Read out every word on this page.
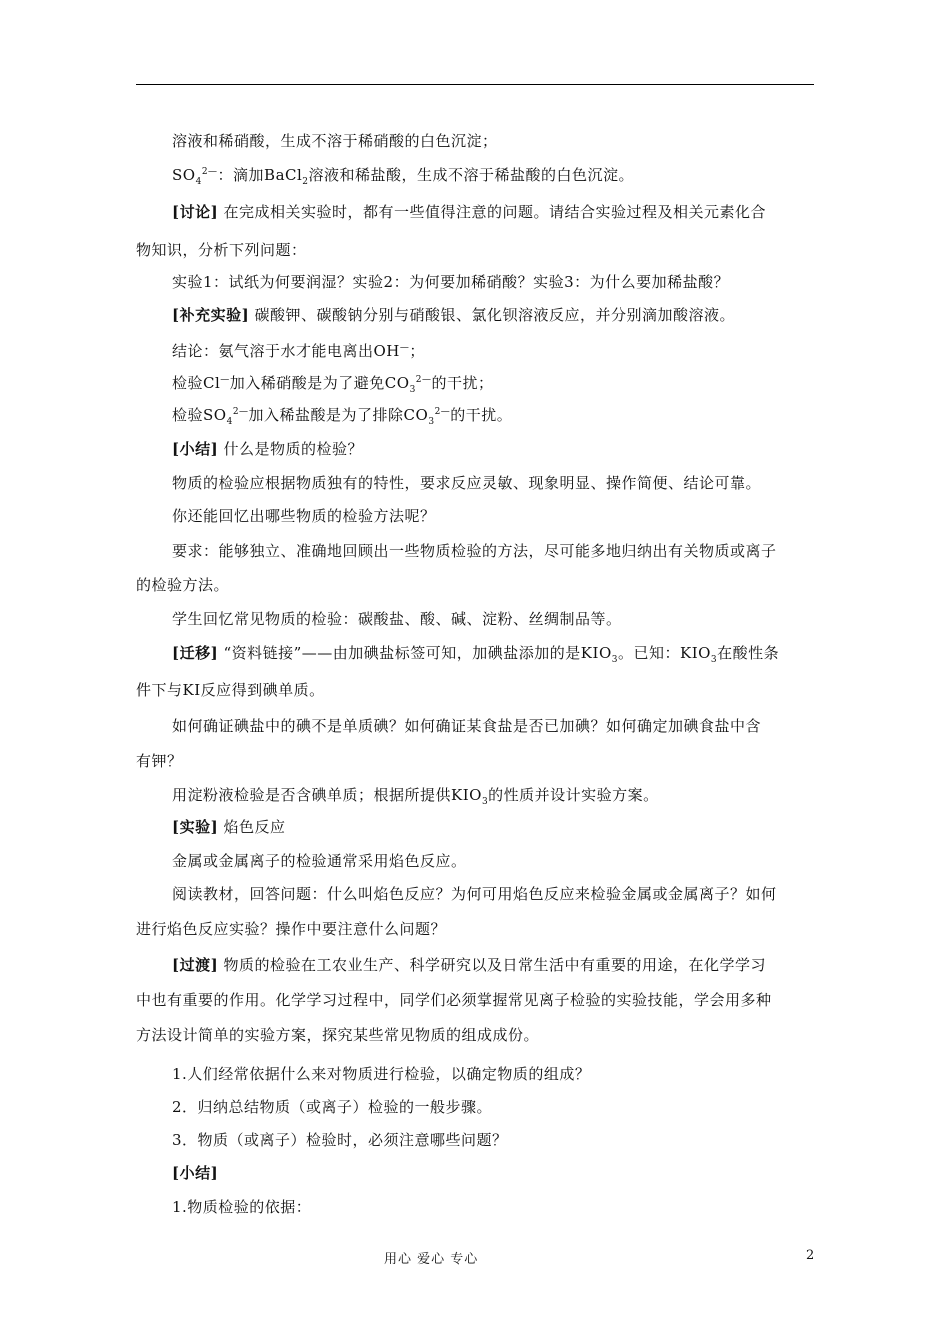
溶液和稀硝酸，生成不溶于稀硝酸的白色沉淀；
$SO_4^{2—}$：滴加BaCl$_2$溶液和稀盐酸，生成不溶于稀盐酸的白色沉淀。
[讨论] 在完成相关实验时，都有一些值得注意的问题。请结合实验过程及相关元素化合
物知识，分析下列问题：
实验1：试纸为何要润湿？实验2：为何要加稀硝酸？实验3：为什么要加稀盐酸？
[补充实验] 碳酸钾、碳酸钠分别与硝酸银、氯化钡溶液反应，并分别滴加酸溶液。
结论：氨气溶于水才能电离出OH—；
检验Cl—加入稀硝酸是为了避免$CO_3^{2—}$的干扰；
检验$SO_4^{2—}$加入稀盐酸是为了排除$CO_3^{2—}$的干扰。
[小结] 什么是物质的检验？
物质的检验应根据物质独有的特性，要求反应灵敏、现象明显、操作简便、结论可靠。
你还能回忆出哪些物质的检验方法呢？
要求：能够独立、准确地回顾出一些物质检验的方法，尽可能多地归纳出有关物质或离子
的检验方法。
学生回忆常见物质的检验：碳酸盐、酸、碱、淀粉、丝绸制品等。
[迁移] “资料链接”——由加碘盐标签可知，加碘盐添加的是$KIO_3$。已知：$KIO_3$在酸性条
件下与KI反应得到碘单质。
如何确证碘盐中的碘不是单质碘？如何确证某食盐是否已加碘？如何确定加碘食盐中含
有钾？
用淀粉液检验是否含碘单质；根据所提供$KIO_3$的性质并设计实验方案。
[实验] 焰色反应
金属或金属离子的检验通常采用焰色反应。
阅读教材，回答问题：什么叫焰色反应？为何可用焰色反应来检验金属或金属离子？如何
进行焰色反应实验？操作中要注意什么问题？
[过渡] 物质的检验在工农业生产、科学研究以及日常生活中有重要的用途，在化学学习
中也有重要的作用。化学学习过程中，同学们必须掌握常见离子检验的实验技能，学会用多种
方法设计简单的实验方案，探究某些常见物质的组成成份。
1.人们经常依据什么来对物质进行检验，以确定物质的组成？
2．归纳总结物质（或离子）检验的一般步骤。
3．物质（或离子）检验时，必须注意哪些问题？
[小结]
1.物质检验的依据：
用心 爱心 专心	2
